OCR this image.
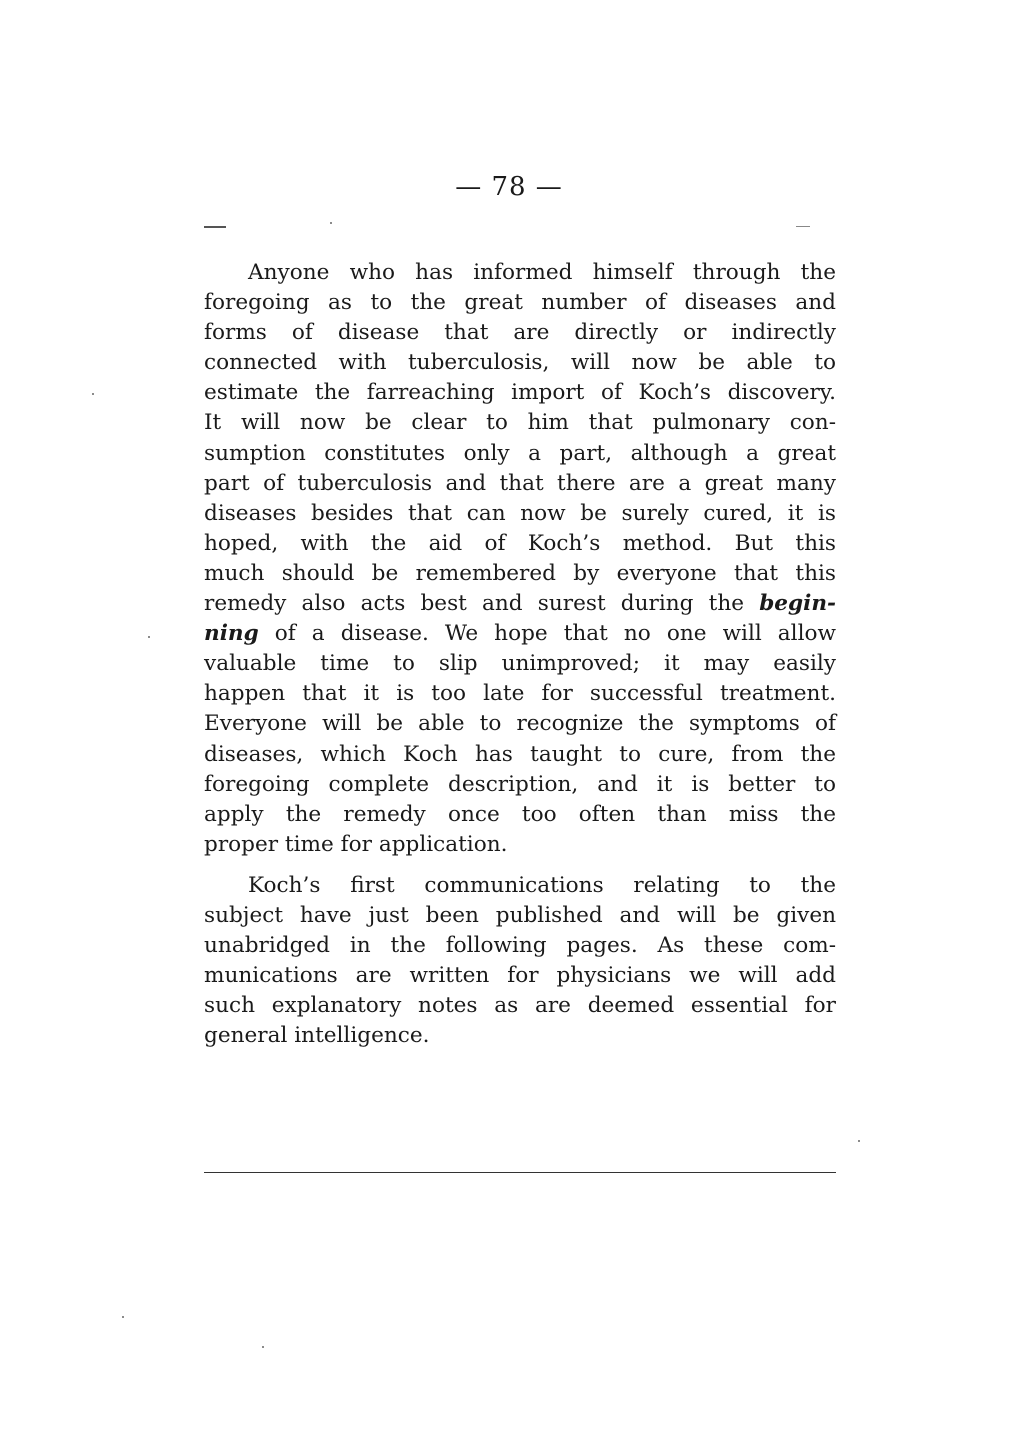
— 78 —

Anyone who has informed himself through the
foregoing as to the great number of diseases and
forms of disease that are directly or indirectly
connected with tuberculosis, will now be able to
estimate the farreaching import of Koch’s discovery.
It will now be clear to him that pulmonary con-
sumption constitutes only a part, although a great
part of tuberculosis and that there are a great many
diseases besides that can now be surely cured, it is
hoped, with the aid of Koch’s method. But this
much should be remembered by everyone that this
remedy also acts best and surest during the begin-
ning of a disease. We hope that no one will allow
valuable time to slip unimproved; it may easily
happen that it is too late for successful treatment.
Everyone will be able to recognize the symptoms of
diseases, which Koch has taught to cure, from the
foregoing complete description, and it is better to
apply the remedy once too often than miss the
proper time for application.

Koch’s first communications relating to the
subject have just been published and will be given
unabridged in the following pages. As these com-
munications are written for physicians we will add
such explanatory notes as are deemed essential for
general intelligence.
